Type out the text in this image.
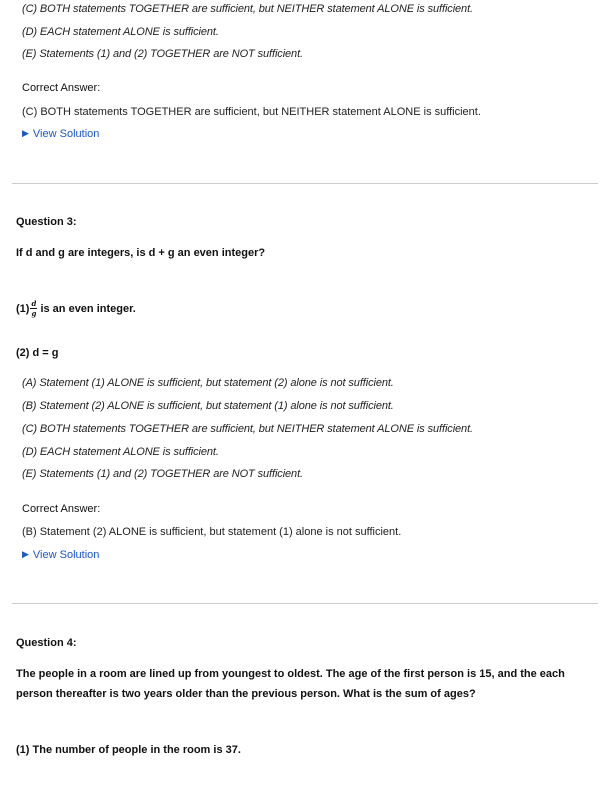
(C) BOTH statements TOGETHER are sufficient, but NEITHER statement ALONE is sufficient.
(D) EACH statement ALONE is sufficient.
(E) Statements (1) and (2) TOGETHER are NOT sufficient.
Correct Answer:
(C) BOTH statements TOGETHER are sufficient, but NEITHER statement ALONE is sufficient.
▶ View Solution
Question 3:
If d and g are integers, is d + g an even integer?
$(1) \frac{d}{g}$ is an even integer.
(2) d = g
(A) Statement (1) ALONE is sufficient, but statement (2) alone is not sufficient.
(B) Statement (2) ALONE is sufficient, but statement (1) alone is not sufficient.
(C) BOTH statements TOGETHER are sufficient, but NEITHER statement ALONE is sufficient.
(D) EACH statement ALONE is sufficient.
(E) Statements (1) and (2) TOGETHER are NOT sufficient.
Correct Answer:
(B) Statement (2) ALONE is sufficient, but statement (1) alone is not sufficient.
▶ View Solution
Question 4:
The people in a room are lined up from youngest to oldest. The age of the first person is 15, and the each person thereafter is two years older than the previous person. What is the sum of ages?
(1) The number of people in the room is 37.
